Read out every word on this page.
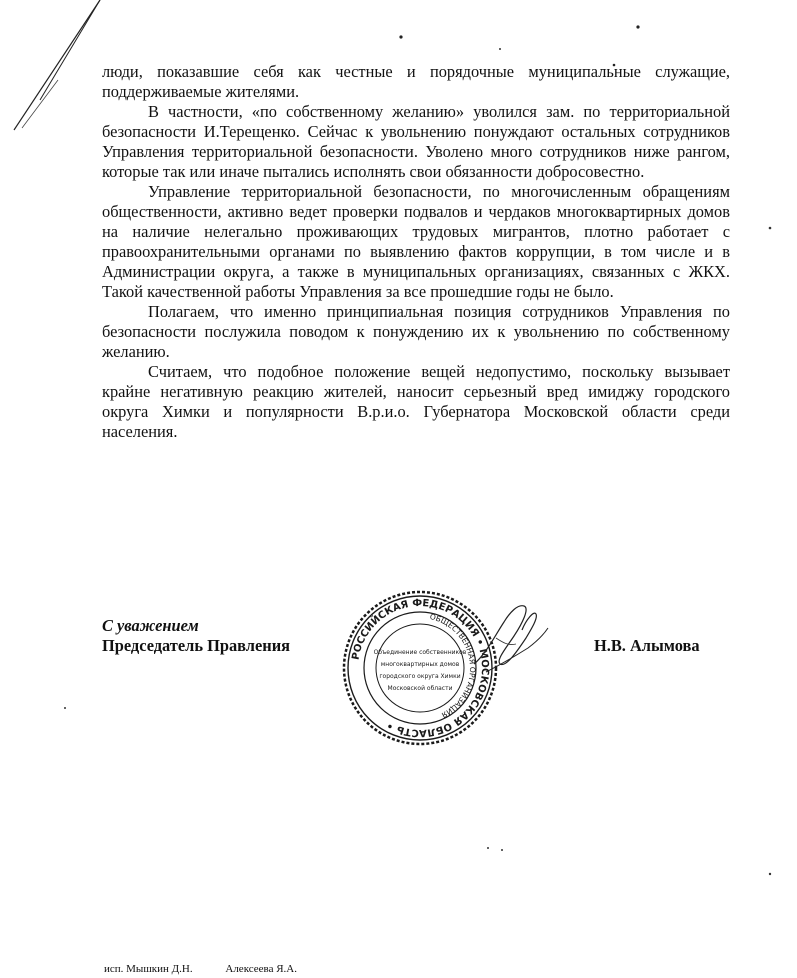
люди, показавшие себя как честные и порядочные муниципальные служащие, поддерживаемые жителями.

В частности, «по собственному желанию» уволился зам. по территориальной безопасности И.Терещенко. Сейчас к увольнению понуждают остальных сотрудников Управления территориальной безопасности. Уволено много сотрудников ниже рангом, которые так или иначе пытались исполнять свои обязанности добросовестно.

Управление территориальной безопасности, по многочисленным обращениям общественности, активно ведет проверки подвалов и чердаков многоквартирных домов на наличие нелегально проживающих трудовых мигрантов, плотно работает с правоохранительными органами по выявлению фактов коррупции, в том числе и в Администрации округа, а также в муниципальных организациях, связанных с ЖКХ. Такой качественной работы Управления за все прошедшие годы не было.

Полагаем, что именно принципиальная позиция сотрудников Управления по безопасности послужила поводом к понуждению их к увольнению по собственному желанию.

Считаем, что подобное положение вещей недопустимо, поскольку вызывает крайне негативную реакцию жителей, наносит серьезный вред имиджу городского округа Химки и популярности В.р.и.о. Губернатора Московской области среди населения.

С уважением
Председатель Правления	Н.В. Алымова
РОССИЙСКАЯ ФЕДЕРАЦИЯ • МОСКОВСКАЯ ОБЛАСТЬ •
ОБЩЕСТВЕННАЯ ОРГАНИЗАЦИЯ
Объединение собственников
многоквартирных домов
городского округа Химки
Московской области
исп. Мышкин Д.Н.	Алексеева Я.А.
